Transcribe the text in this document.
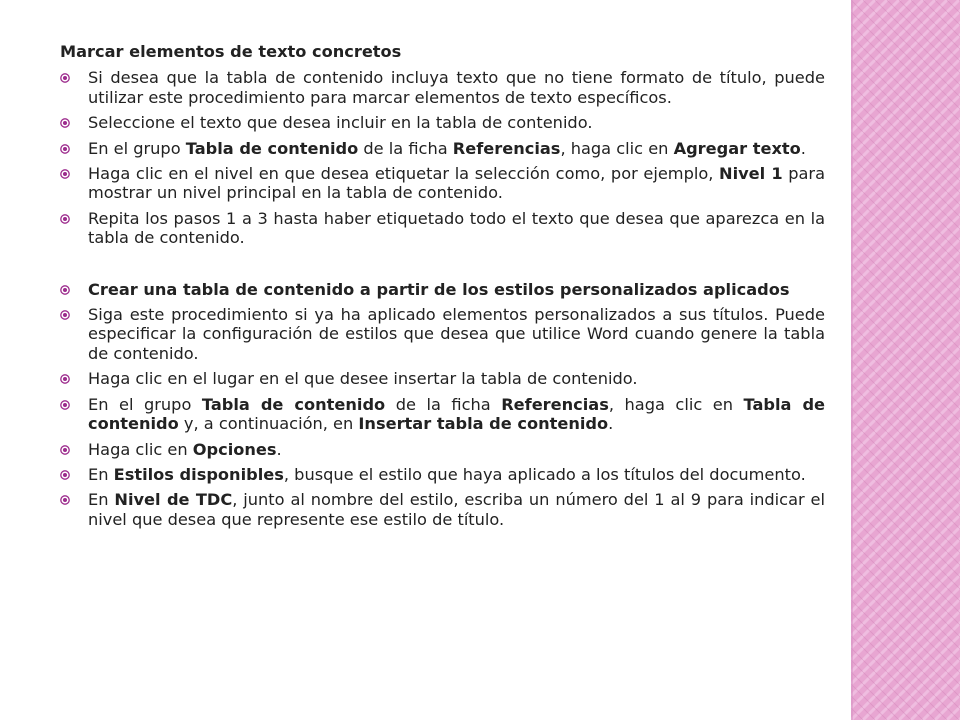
Marcar elementos de texto concretos
Si desea que la tabla de contenido incluya texto que no tiene formato de título, puede utilizar este procedimiento para marcar elementos de texto específicos.
Seleccione el texto que desea incluir en la tabla de contenido.
En el grupo Tabla de contenido de la ficha Referencias, haga clic en Agregar texto.
Haga clic en el nivel en que desea etiquetar la selección como, por ejemplo, Nivel 1 para mostrar un nivel principal en la tabla de contenido.
Repita los pasos 1 a 3 hasta haber etiquetado todo el texto que desea que aparezca en la tabla de contenido.
Crear una tabla de contenido a partir de los estilos personalizados aplicados
Siga este procedimiento si ya ha aplicado elementos personalizados a sus títulos. Puede especificar la configuración de estilos que desea que utilice Word cuando genere la tabla de contenido.
Haga clic en el lugar en el que desee insertar la tabla de contenido.
En el grupo Tabla de contenido de la ficha Referencias, haga clic en Tabla de contenido y, a continuación, en Insertar tabla de contenido.
Haga clic en Opciones.
En Estilos disponibles, busque el estilo que haya aplicado a los títulos del documento.
En Nivel de TDC, junto al nombre del estilo, escriba un número del 1 al 9 para indicar el nivel que desea que represente ese estilo de título.
